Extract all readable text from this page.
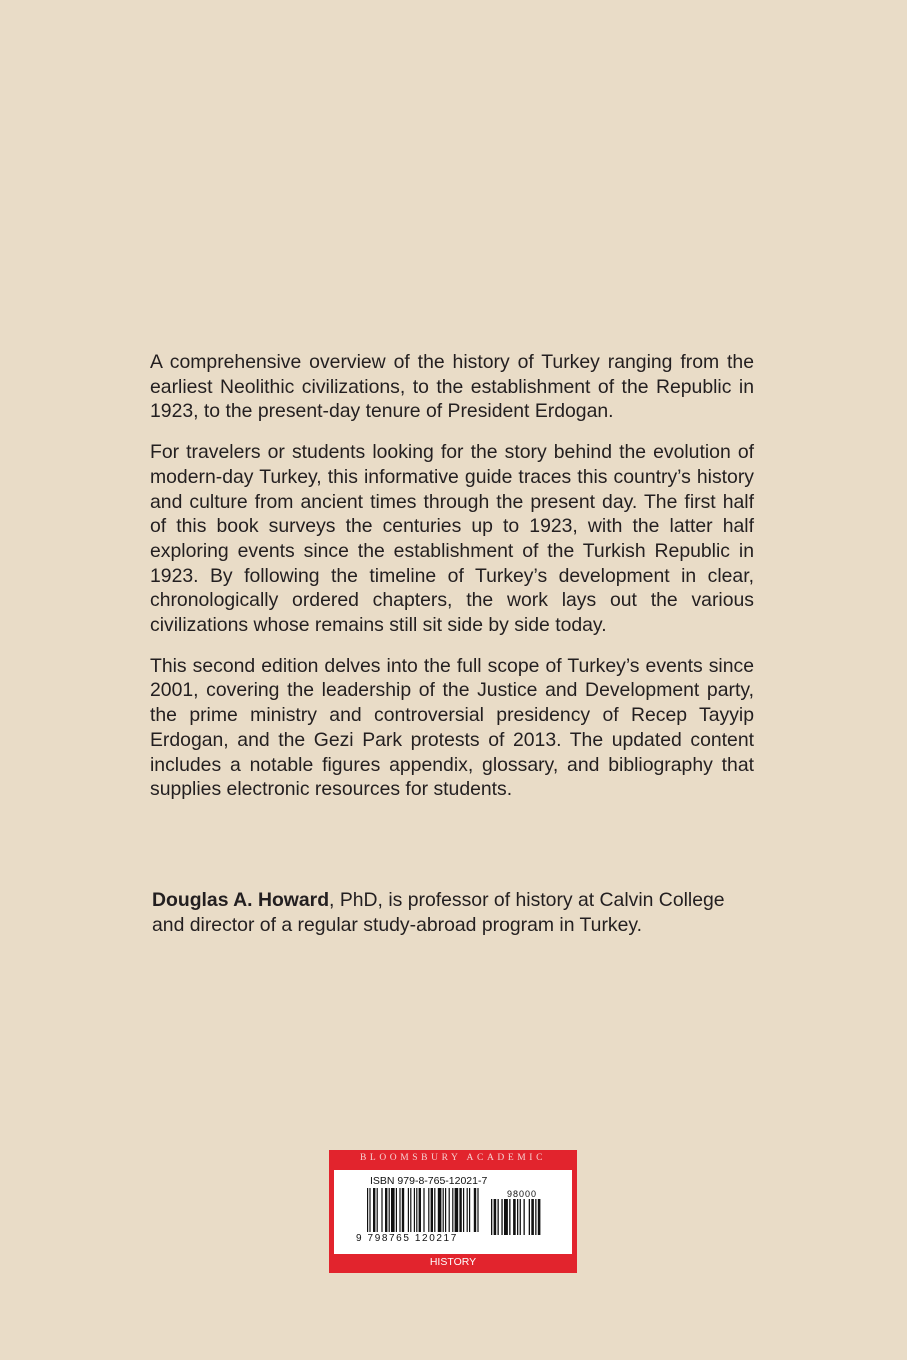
A comprehensive overview of the history of Turkey ranging from the earliest Neolithic civilizations, to the establishment of the Republic in 1923, to the present-day tenure of President Erdogan.

For travelers or students looking for the story behind the evolution of modern-day Turkey, this informative guide traces this country’s history and culture from ancient times through the present day. The first half of this book surveys the centuries up to 1923, with the latter half exploring events since the establishment of the Turkish Republic in 1923. By following the timeline of Turkey’s development in clear, chronologically ordered chapters, the work lays out the various civilizations whose remains still sit side by side today.

This second edition delves into the full scope of Turkey’s events since 2001, covering the leadership of the Justice and Development party, the prime ministry and controversial presidency of Recep Tayyip Erdogan, and the Gezi Park protests of 2013. The updated content includes a notable figures appendix, glossary, and bibliography that supplies electronic resources for students.

Douglas A. Howard, PhD, is professor of history at Calvin College and director of a regular study-abroad program in Turkey.

BLOOMSBURY ACADEMIC
ISBN 979-8-765-12021-7
98000
9 798765 120217
HISTORY
